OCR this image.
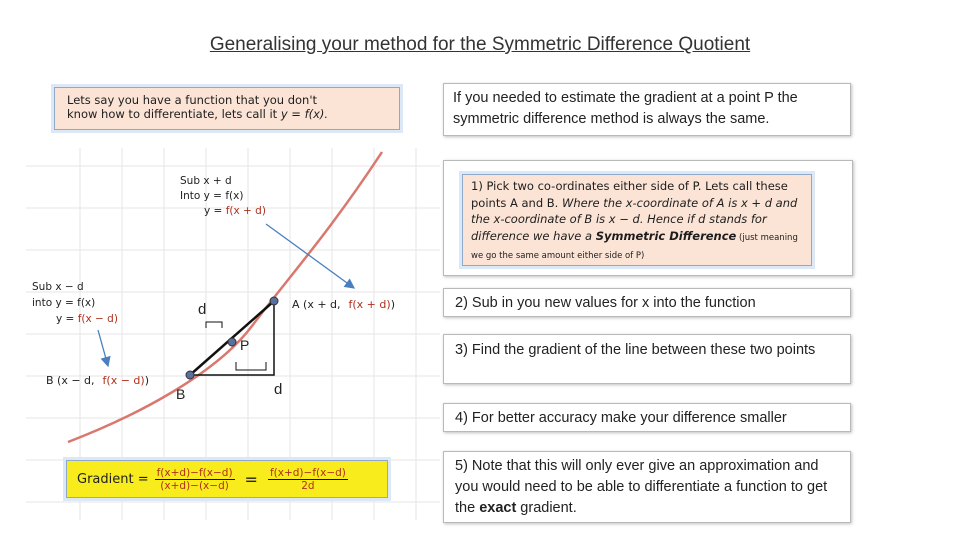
Generalising your method for the Symmetric Difference Quotient
Lets say you have a function that you don't
know how to differentiate, lets call it y = f(x).
If you needed to estimate the gradient at a point P the symmetric difference method is always the same.
Sub x + d
Into y = f(x)
y = f(x + d)
Sub x − d
into y = f(x)
y = f(x − d)
A (x + d, f(x + d))
B (x − d, f(x − d))
P
B
d
d
1) Pick two co-ordinates either side of P. Lets call these points A and B. Where the x-coordinate of A is x + d and the x-coordinate of B is x − d. Hence if d stands for difference we have a Symmetric Difference (just meaning we go the same amount either side of P)
2) Sub in you new values for x into the function
3) Find the gradient of the line between these two points
4) For better accuracy make your difference smaller
5) Note that this will only ever give an approximation and you would need to be able to differentiate a function to get the exact gradient.
Gradient = $\frac{f(x+d)-f(x-d)}{(x+d)-(x-d)} = \frac{f(x+d)-f(x-d)}{2d}$
